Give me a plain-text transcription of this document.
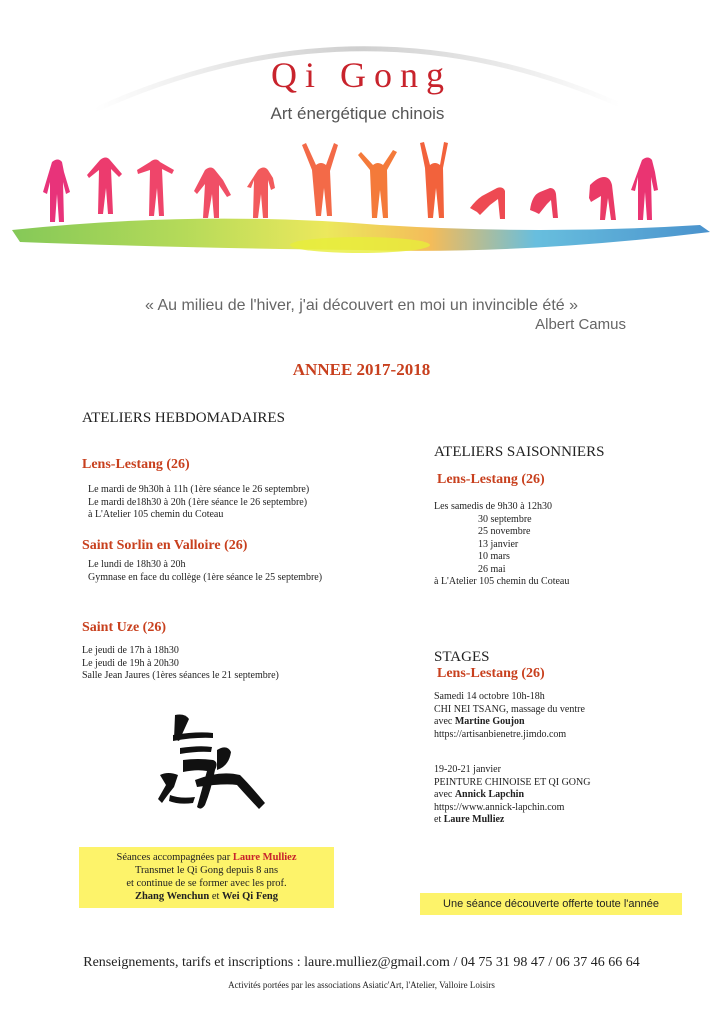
Qi Gong
Art énergétique chinois
« Au milieu de l'hiver, j'ai découvert en moi un invincible été »
Albert Camus
ANNEE 2017-2018
ATELIERS HEBDOMADAIRES
Lens-Lestang (26)
Le mardi de 9h30h à 11h (1ère séance le 26 septembre)
Le mardi de18h30 à 20h (1ère séance le 26 septembre)
à L'Atelier 105 chemin du Coteau
Saint Sorlin en Valloire (26)
Le lundi de 18h30 à 20h
Gymnase en face du collège (1ère séance le 25 septembre)
Saint Uze (26)
Le jeudi de 17h à 18h30
Le jeudi de 19h à 20h30
Salle Jean Jaures (1ères séances le 21 septembre)
ATELIERS SAISONNIERS
Lens-Lestang (26)
Les samedis de 9h30 à 12h30
30 septembre
25 novembre
13 janvier
10 mars
26 mai
à L'Atelier 105 chemin du Coteau
STAGES
Lens-Lestang (26)
Samedi 14 octobre 10h-18h
CHI NEI TSANG, massage du ventre
avec Martine Goujon
https://artisanbienetre.jimdo.com
19-20-21 janvier
PEINTURE CHINOISE ET QI GONG
avec Annick Lapchin
https://www.annick-lapchin.com
et Laure Mulliez
Séances accompagnées par Laure Mulliez
Transmet le Qi Gong depuis 8 ans
et continue de se former avec les prof.
Zhang Wenchun et Wei Qi Feng
Une séance découverte offerte toute l'année
Renseignements, tarifs et inscriptions : laure.mulliez@gmail.com / 04 75 31 98 47 / 06 37 46 66 64
Activités portées par les associations Asiatic'Art, l'Atelier, Valloire Loisirs
